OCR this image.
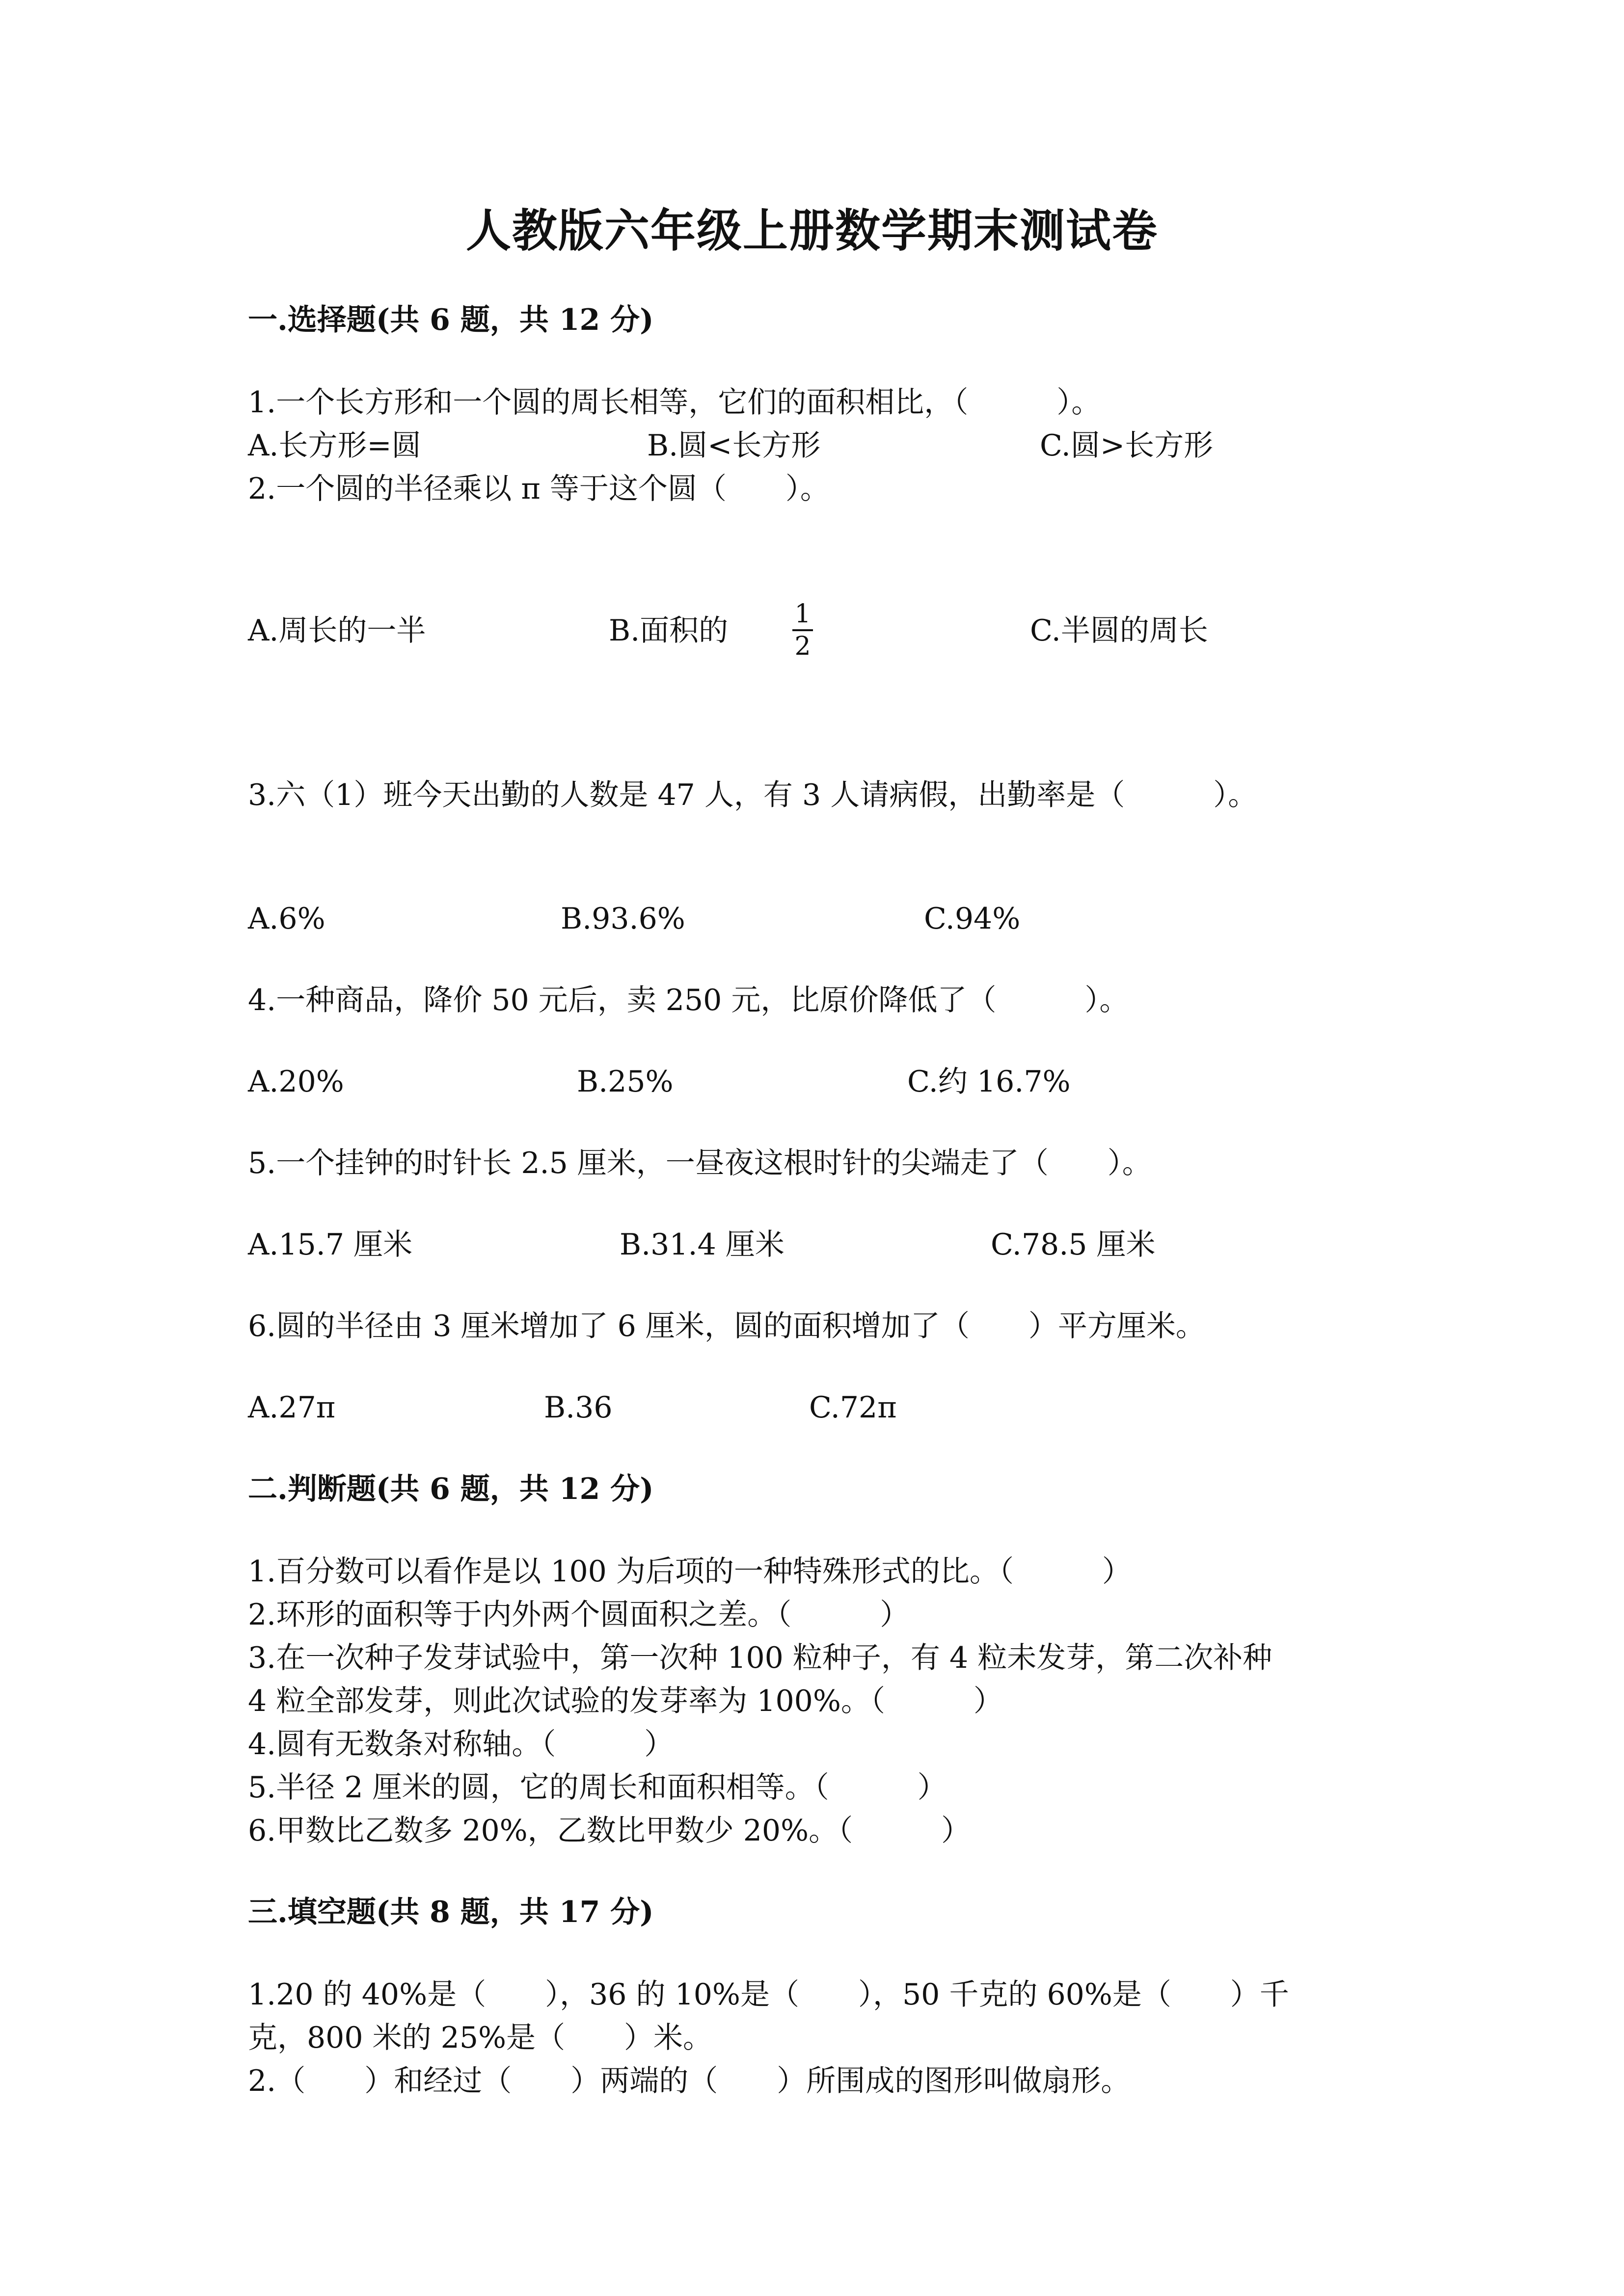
人教版六年级上册数学期末测试卷
一.选择题(共 6 题，共 12 分)
1.一个长方形和一个圆的周长相等，它们的面积相比，（　　　）。
A.长方形=圆	B.圆<长方形	C.圆>长方形
2.一个圆的半径乘以 π 等于这个圆（　　）。
A.周长的一半	B.面积的	1
2	C.半圆的周长
3.六（1）班今天出勤的人数是 47 人，有 3 人请病假，出勤率是（　　　）。
A.6%	B.93.6%	C.94%
4.一种商品，降价 50 元后，卖 250 元，比原价降低了（　　　）。
A.20%	B.25%	C.约 16.7%
5.一个挂钟的时针长 2.5 厘米，一昼夜这根时针的尖端走了（　　）。
A.15.7 厘米	B.31.4 厘米	C.78.5 厘米
6.圆的半径由 3 厘米增加了 6 厘米，圆的面积增加了（　　）平方厘米。
A.27π	B.36	C.72π
二.判断题(共 6 题，共 12 分)
1.百分数可以看作是以 100 为后项的一种特殊形式的比。（　　　）
2.环形的面积等于内外两个圆面积之差。（　　　）
3.在一次种子发芽试验中，第一次种 100 粒种子，有 4 粒未发芽，第二次补种
4 粒全部发芽，则此次试验的发芽率为 100%。（　　　）
4.圆有无数条对称轴。（　　　）
5.半径 2 厘米的圆，它的周长和面积相等。（　　　）
6.甲数比乙数多 20%，乙数比甲数少 20%。（　　　）
三.填空题(共 8 题，共 17 分)
1.20 的 40%是（　　），36 的 10%是（　　），50 千克的 60%是（　　）千
克，800 米的 25%是（　　）米。
2.（　　）和经过（　　）两端的（　　）所围成的图形叫做扇形。
